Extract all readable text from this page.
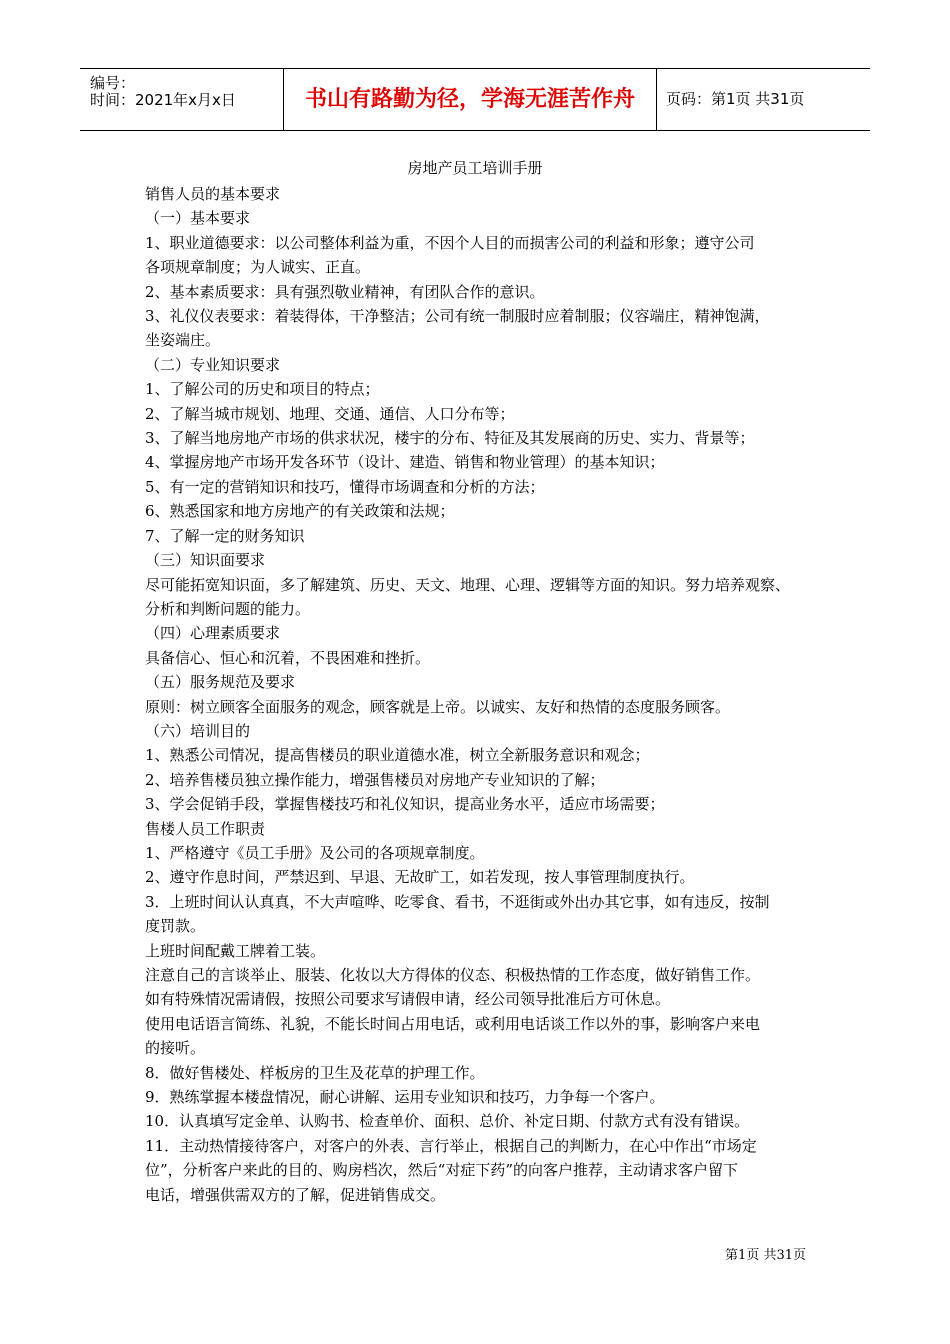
编号：
时间：2021年x月x日	书山有路勤为径，学海无涯苦作舟	页码：第1页 共31页
房地产员工培训手册

销售人员的基本要求

（一）基本要求

1、职业道德要求：以公司整体利益为重，不因个人目的而损害公司的利益和形象；遵守公司

各项规章制度；为人诚实、正直。

2、基本素质要求：具有强烈敬业精神，有团队合作的意识。

3、礼仪仪表要求：着装得体，干净整洁；公司有统一制服时应着制服；仪容端庄，精神饱满，

坐姿端庄。

（二）专业知识要求

1、了解公司的历史和项目的特点；

2、了解当城市规划、地理、交通、通信、人口分布等；

3、了解当地房地产市场的供求状况，楼宇的分布、特征及其发展商的历史、实力、背景等；

4、掌握房地产市场开发各环节（设计、建造、销售和物业管理）的基本知识；

5、有一定的营销知识和技巧，懂得市场调查和分析的方法；

6、熟悉国家和地方房地产的有关政策和法规；

7、了解一定的财务知识

（三）知识面要求

尽可能拓宽知识面，多了解建筑、历史、天文、地理、心理、逻辑等方面的知识。努力培养观察、

分析和判断问题的能力。

（四）心理素质要求

具备信心、恒心和沉着，不畏困难和挫折。

（五）服务规范及要求

原则：树立顾客全面服务的观念，顾客就是上帝。以诚实、友好和热情的态度服务顾客。

（六）培训目的

1、熟悉公司情况，提高售楼员的职业道德水准，树立全新服务意识和观念；

2、培养售楼员独立操作能力，增强售楼员对房地产专业知识的了解；

3、学会促销手段，掌握售楼技巧和礼仪知识，提高业务水平，适应市场需要；

售楼人员工作职责

1、严格遵守《员工手册》及公司的各项规章制度。

2、遵守作息时间，严禁迟到、早退、无故旷工，如若发现，按人事管理制度执行。

3．上班时间认认真真，不大声喧哗、吃零食、看书，不逛街或外出办其它事，如有违反，按制

度罚款。

上班时间配戴工牌着工装。

注意自己的言谈举止、服装、化妆以大方得体的仪态、积极热情的工作态度，做好销售工作。

如有特殊情况需请假，按照公司要求写请假申请，经公司领导批准后方可休息。

使用电话语言简练、礼貌，不能长时间占用电话，或利用电话谈工作以外的事，影响客户来电

的接听。

8．做好售楼处、样板房的卫生及花草的护理工作。

9．熟练掌握本楼盘情况，耐心讲解、运用专业知识和技巧，力争每一个客户。

10．认真填写定金单、认购书、检查单价、面积、总价、补定日期、付款方式有没有错误。

11．主动热情接待客户，对客户的外表、言行举止，根据自己的判断力，在心中作出“市场定

位”，分析客户来此的目的、购房档次，然后“对症下药”的向客户推荐，主动请求客户留下

电话，增强供需双方的了解，促进销售成交。

第1页 共31页
